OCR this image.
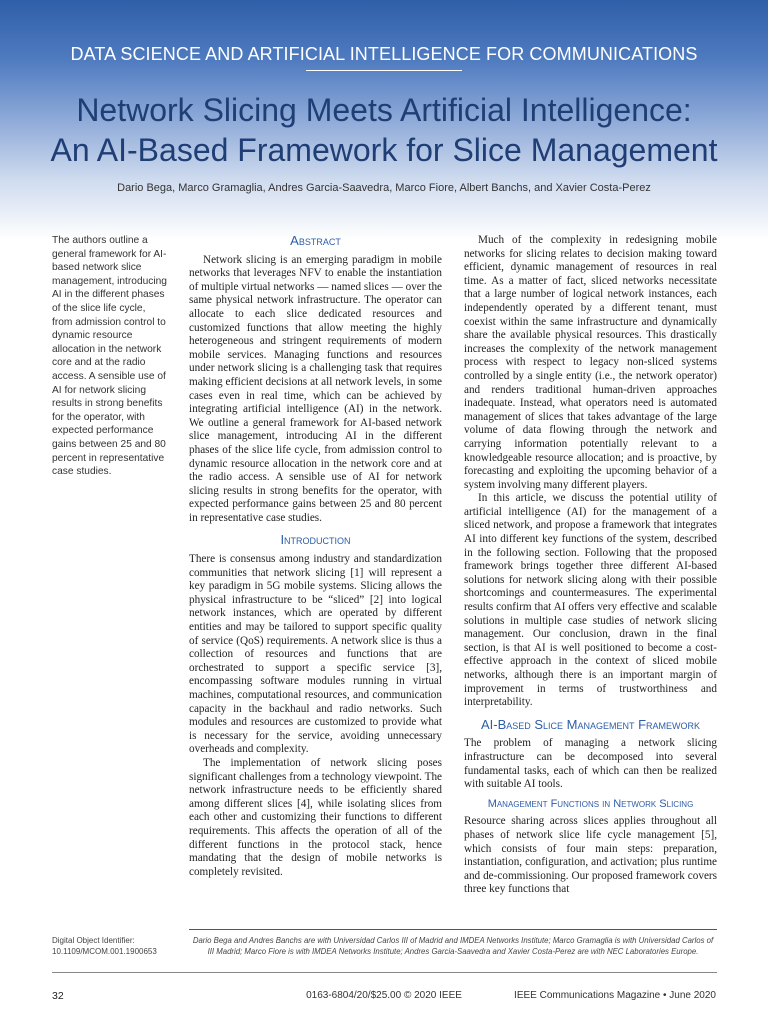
DATA SCIENCE AND ARTIFICIAL INTELLIGENCE FOR COMMUNICATIONS
Network Slicing Meets Artificial Intelligence:
An AI-Based Framework for Slice Management
Dario Bega, Marco Gramaglia, Andres Garcia-Saavedra, Marco Fiore, Albert Banchs, and Xavier Costa-Perez
The authors outline a general framework for AI-based network slice management, introducing AI in the different phases of the slice life cycle, from admission control to dynamic resource allocation in the network core and at the radio access. A sensible use of AI for network slicing results in strong benefits for the operator, with expected performance gains between 25 and 80 percent in representative case studies.
Abstract

Network slicing is an emerging paradigm in mobile networks that leverages NFV to enable the instantiation of multiple virtual networks — named slices — over the same physical network infrastructure. The operator can allocate to each slice dedicated resources and customized functions that allow meeting the highly heterogeneous and stringent requirements of modern mobile services. Managing functions and resources under network slicing is a challenging task that requires making efficient decisions at all network levels, in some cases even in real time, which can be achieved by integrating artificial intelligence (AI) in the network. We outline a general framework for AI-based network slice management, introducing AI in the different phases of the slice life cycle, from admission control to dynamic resource allocation in the network core and at the radio access. A sensible use of AI for network slicing results in strong benefits for the operator, with expected performance gains between 25 and 80 percent in representative case studies.

Introduction

There is consensus among industry and standardization communities that network slicing [1] will represent a key paradigm in 5G mobile systems. Slicing allows the physical infrastructure to be “sliced” [2] into logical network instances, which are operated by different entities and may be tailored to support specific quality of service (QoS) requirements. A network slice is thus a collection of resources and functions that are orchestrated to support a specific service [3], encompassing software modules running in virtual machines, computational resources, and communication capacity in the backhaul and radio networks. Such modules and resources are customized to provide what is necessary for the service, avoiding unnecessary overheads and complexity.

The implementation of network slicing poses significant challenges from a technology viewpoint. The network infrastructure needs to be efficiently shared among different slices [4], while isolating slices from each other and customizing their functions to different requirements. This affects the operation of all of the different functions in the protocol stack, hence mandating that the design of mobile networks is completely revisited.

Much of the complexity in redesigning mobile networks for slicing relates to decision making toward efficient, dynamic management of resources in real time. As a matter of fact, sliced networks necessitate that a large number of logical network instances, each independently operated by a different tenant, must coexist within the same infrastructure and dynamically share the available physical resources. This drastically increases the complexity of the network management process with respect to legacy non-sliced systems controlled by a single entity (i.e., the network operator) and renders traditional human-driven approaches inadequate. Instead, what operators need is automated management of slices that takes advantage of the large volume of data flowing through the network and carrying information potentially relevant to a knowledgeable resource allocation; and is proactive, by forecasting and exploiting the upcoming behavior of a system involving many different players.

In this article, we discuss the potential utility of artificial intelligence (AI) for the management of a sliced network, and propose a framework that integrates AI into different key functions of the system, described in the following section. Following that the proposed framework brings together three different AI-based solutions for network slicing along with their possible shortcomings and countermeasures. The experimental results confirm that AI offers very effective and scalable solutions in multiple case studies of network slicing management. Our conclusion, drawn in the final section, is that AI is well positioned to become a cost-effective approach in the context of sliced mobile networks, although there is an important margin of improvement in terms of trustworthiness and interpretability.

AI-Based Slice Management Framework

The problem of managing a network slicing infrastructure can be decomposed into several fundamental tasks, each of which can then be realized with suitable AI tools.

Management Functions in Network Slicing

Resource sharing across slices applies throughout all phases of network slice life cycle management [5], which consists of four main steps: preparation, instantiation, configuration, and activation; plus runtime and de-commissioning. Our proposed framework covers three key functions that

Digital Object Identifier: 10.1109/MCOM.001.1900653
Dario Bega and Andres Banchs are with Universidad Carlos III of Madrid and IMDEA Networks Institute; Marco Gramaglia is with Universidad Carlos of III Madrid; Marco Fiore is with IMDEA Networks Institute; Andres Garcia-Saavedra and Xavier Costa-Perez are with NEC Laboratories Europe.
32	0163-6804/20/$25.00 © 2020 IEEE	IEEE Communications Magazine • June 2020
